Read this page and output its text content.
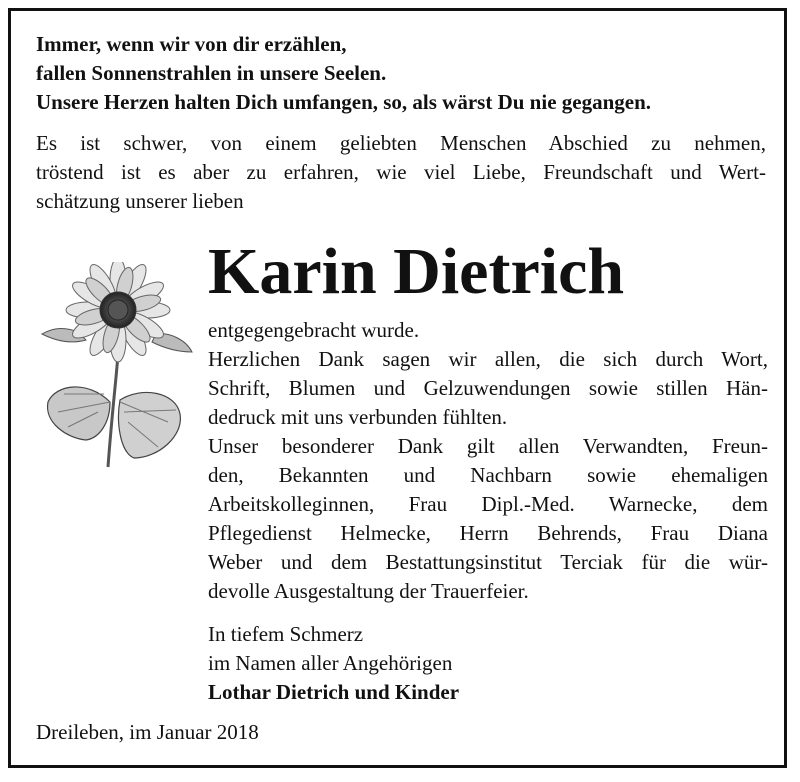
Immer, wenn wir von dir erzählen,
fallen Sonnenstrahlen in unsere Seelen.
Unsere Herzen halten Dich umfangen, so, als wärst Du nie gegangen.
Es ist schwer, von einem geliebten Menschen Abschied zu nehmen,
tröstend ist es aber zu erfahren, wie viel Liebe, Freundschaft und Wert-
schätzung unserer lieben
Karin Dietrich
entgegengebracht wurde.
Herzlichen Dank sagen wir allen, die sich durch Wort,
Schrift, Blumen und Gelzuwendungen sowie stillen Hän-
dedruck mit uns verbunden fühlten.
Unser besonderer Dank gilt allen Verwandten, Freun-
den, Bekannten und Nachbarn sowie ehemaligen
Arbeitskolleginnen, Frau Dipl.-Med. Warnecke, dem
Pflegedienst Helmecke, Herrn Behrends, Frau Diana
Weber und dem Bestattungsinstitut Terciak für die wür-
devolle Ausgestaltung der Trauerfeier.
In tiefem Schmerz
im Namen aller Angehörigen
Lothar Dietrich und Kinder
Dreileben, im Januar 2018
